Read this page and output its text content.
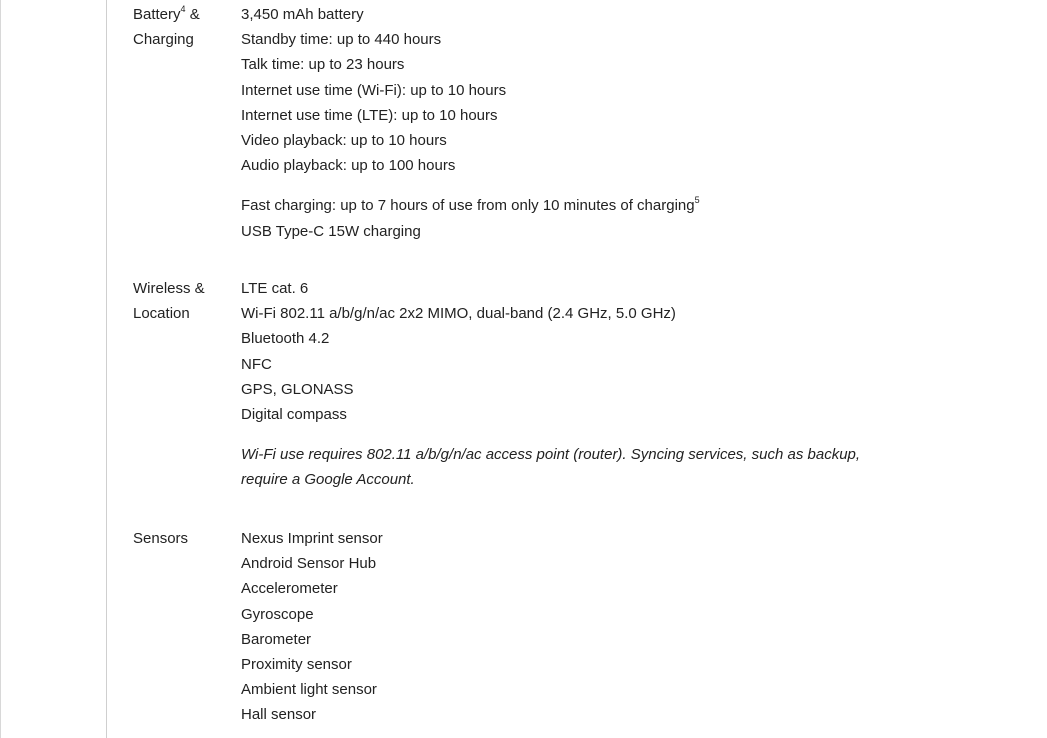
Battery$^4$ &
Charging
3,450 mAh battery
Standby time: up to 440 hours
Talk time: up to 23 hours
Internet use time (Wi-Fi): up to 10 hours
Internet use time (LTE): up to 10 hours
Video playback: up to 10 hours
Audio playback: up to 100 hours
Fast charging: up to 7 hours of use from only 10 minutes of charging$^5$
USB Type-C 15W charging
Wireless &
Location
LTE cat. 6
Wi-Fi 802.11 a/b/g/n/ac 2x2 MIMO, dual-band (2.4 GHz, 5.0 GHz)
Bluetooth 4.2
NFC
GPS, GLONASS
Digital compass
Wi-Fi use requires 802.11 a/b/g/n/ac access point (router). Syncing services, such as backup,
require a Google Account.
Sensors	Nexus Imprint sensor
Android Sensor Hub
Accelerometer
Gyroscope
Barometer
Proximity sensor
Ambient light sensor
Hall sensor
